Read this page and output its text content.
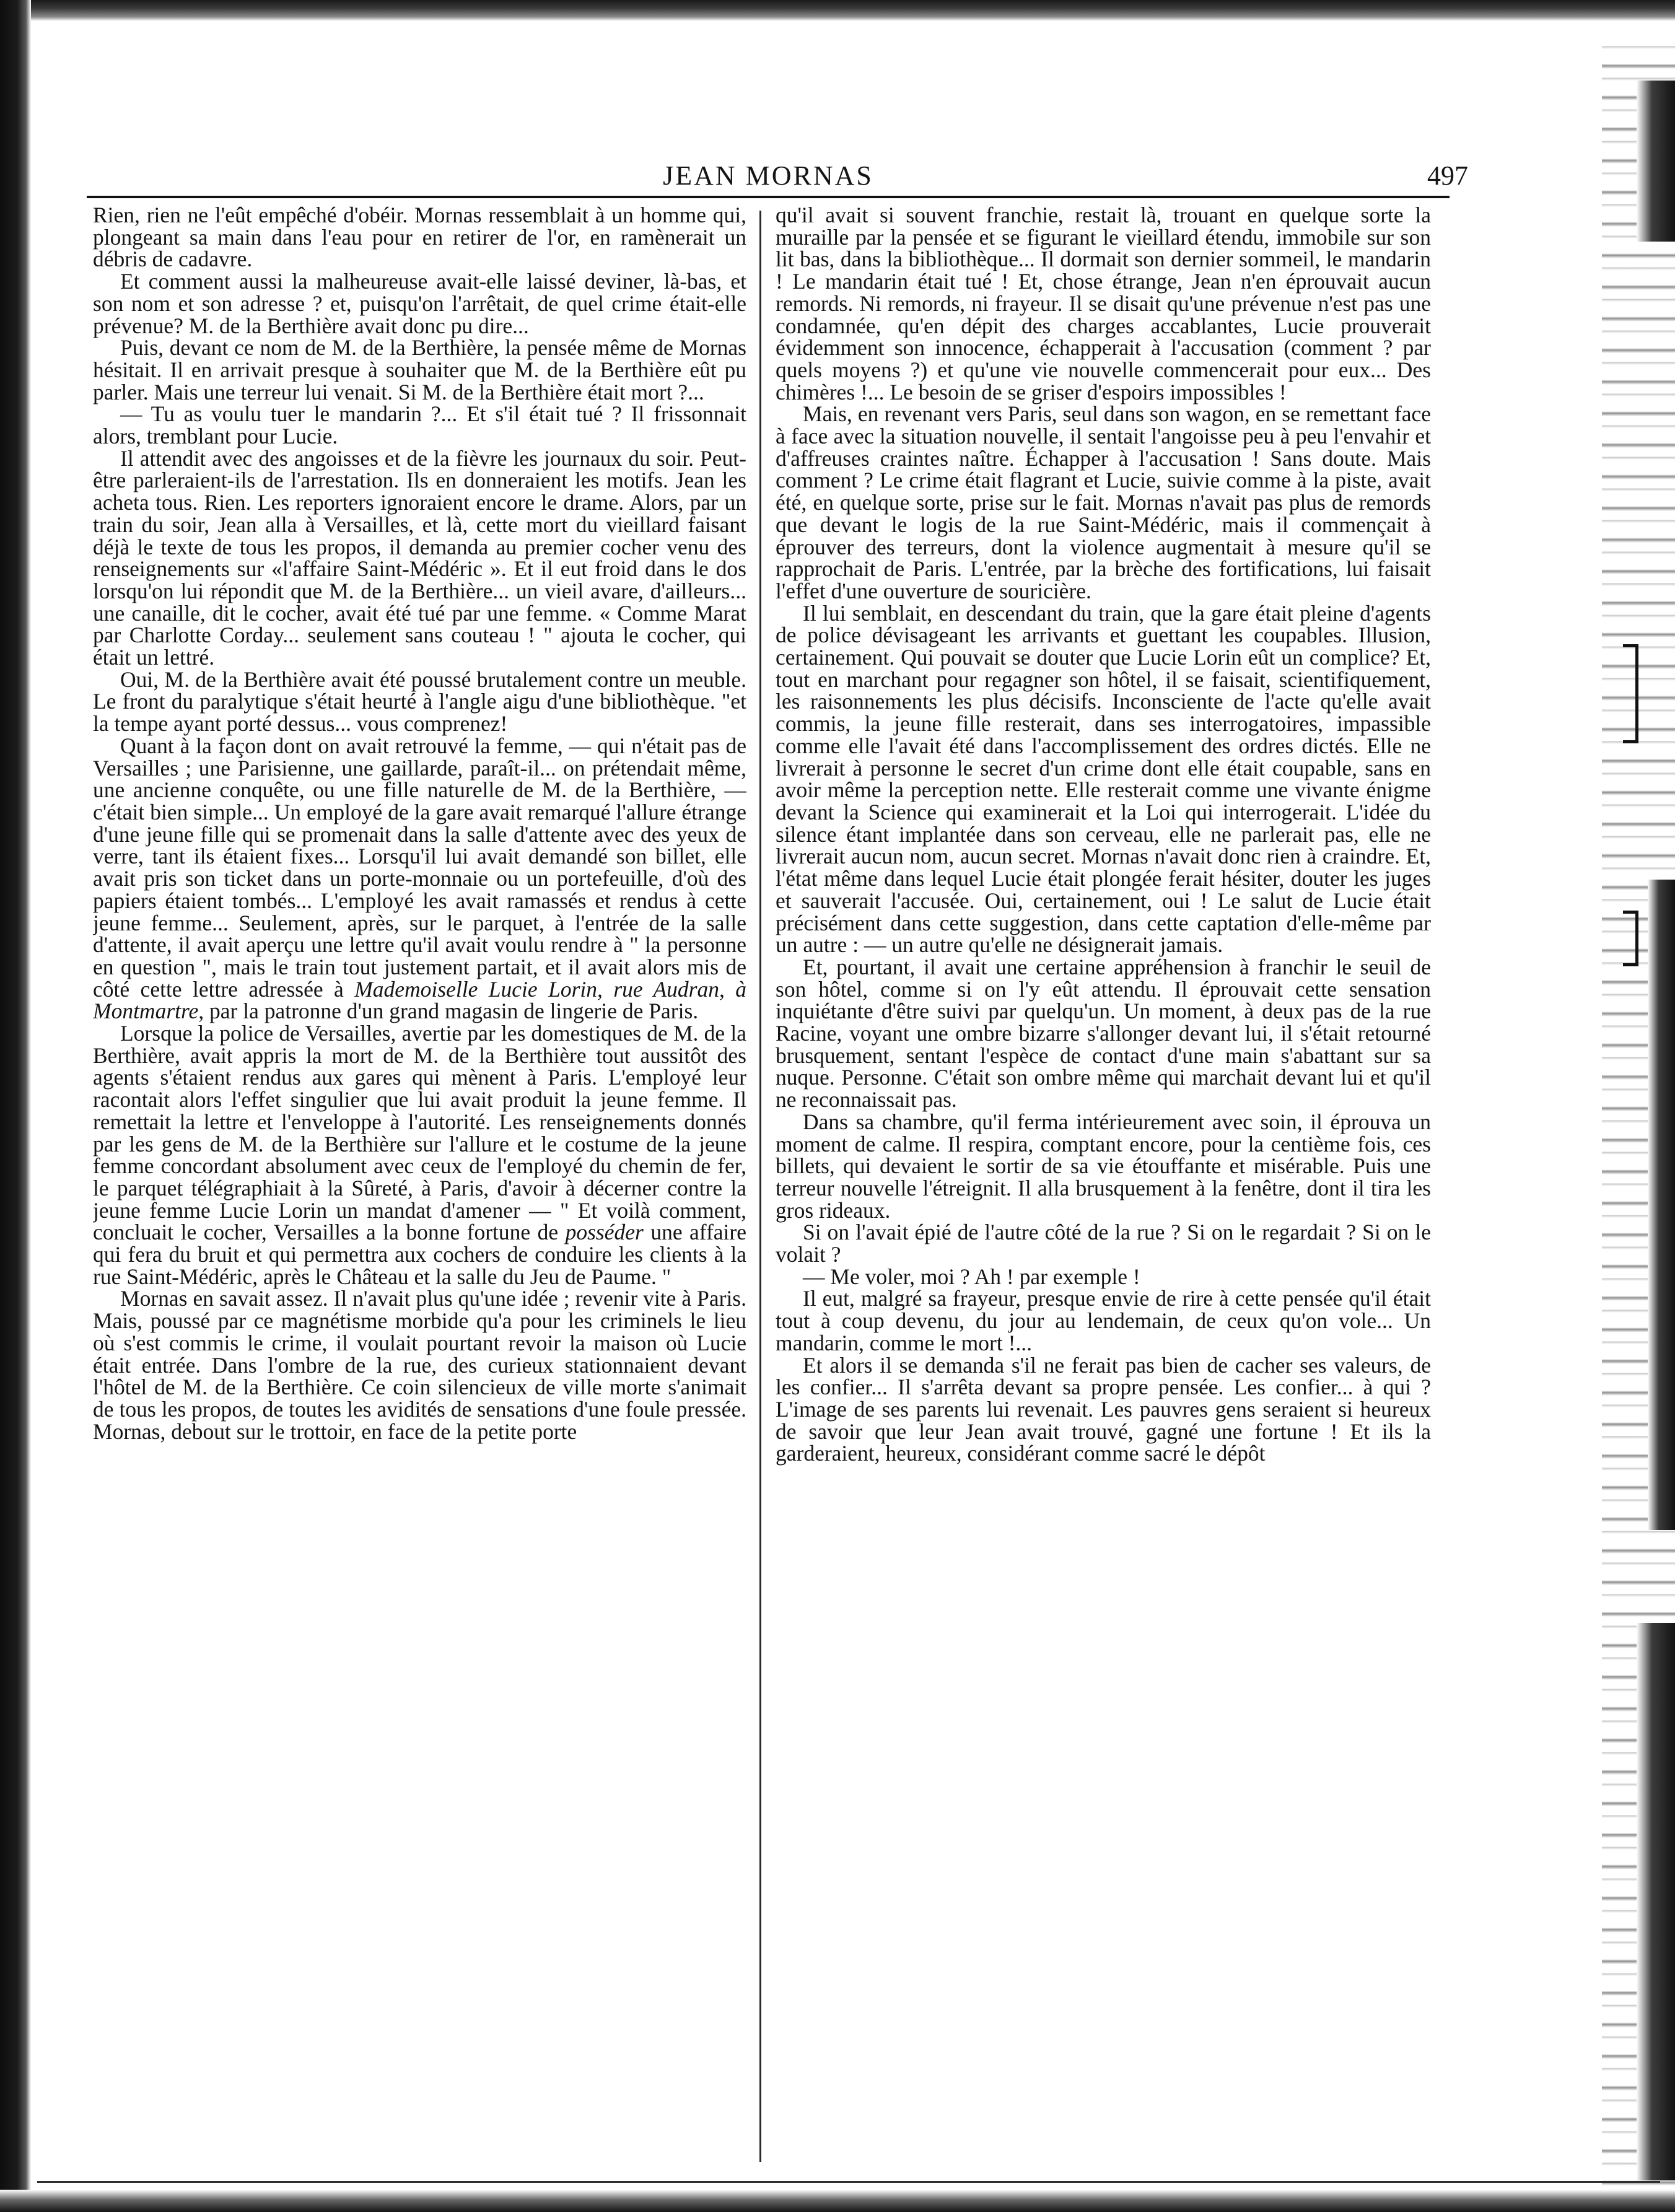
JEAN MORNAS	497

Rien, rien ne l'eût empêché d'obéir. Mornas ressemblait à un homme qui, plongeant sa main dans l'eau pour en retirer de l'or, en ramènerait un débris de cadavre.

Et comment aussi la malheureuse avait-elle laissé deviner, là-bas, et son nom et son adresse ? et, puisqu'on l'arrêtait, de quel crime était-elle prévenue? M. de la Berthière avait donc pu dire...

Puis, devant ce nom de M. de la Berthière, la pensée même de Mornas hésitait. Il en arrivait presque à souhaiter que M. de la Berthière eût pu parler. Mais une terreur lui venait. Si M. de la Berthière était mort ?...

— Tu as voulu tuer le mandarin ?... Et s'il était tué ? Il frissonnait alors, tremblant pour Lucie.

Il attendit avec des angoisses et de la fièvre les journaux du soir. Peut-être parleraient-ils de l'arrestation. Ils en donneraient les motifs. Jean les acheta tous. Rien. Les reporters ignoraient encore le drame. Alors, par un train du soir, Jean alla à Versailles, et là, cette mort du vieillard faisant déjà le texte de tous les propos, il demanda au premier cocher venu des renseignements sur «l'affaire Saint-Médéric ». Et il eut froid dans le dos lorsqu'on lui répondit que M. de la Berthière... un vieil avare, d'ailleurs... une canaille, dit le cocher, avait été tué par une femme. « Comme Marat par Charlotte Corday... seulement sans couteau ! " ajouta le cocher, qui était un lettré.

Oui, M. de la Berthière avait été poussé brutalement contre un meuble. Le front du paralytique s'était heurté à l'angle aigu d'une bibliothèque. "et la tempe ayant porté dessus... vous comprenez!

Quant à la façon dont on avait retrouvé la femme, — qui n'était pas de Versailles ; une Parisienne, une gaillarde, paraît-il... on prétendait même, une ancienne conquête, ou une fille naturelle de M. de la Berthière, — c'était bien simple... Un employé de la gare avait remarqué l'allure étrange d'une jeune fille qui se promenait dans la salle d'attente avec des yeux de verre, tant ils étaient fixes... Lorsqu'il lui avait demandé son billet, elle avait pris son ticket dans un porte-monnaie ou un portefeuille, d'où des papiers étaient tombés... L'employé les avait ramassés et rendus à cette jeune femme... Seulement, après, sur le parquet, à l'entrée de la salle d'attente, il avait aperçu une lettre qu'il avait voulu rendre à " la personne en question ", mais le train tout justement partait, et il avait alors mis de côté cette lettre adressée à Mademoiselle Lucie Lorin, rue Audran, à Montmartre, par la patronne d'un grand magasin de lingerie de Paris.

Lorsque la police de Versailles, avertie par les domestiques de M. de la Berthière, avait appris la mort de M. de la Berthière tout aussitôt des agents s'étaient rendus aux gares qui mènent à Paris. L'employé leur racontait alors l'effet singulier que lui avait produit la jeune femme. Il remettait la lettre et l'enveloppe à l'autorité. Les renseignements donnés par les gens de M. de la Berthière sur l'allure et le costume de la jeune femme concordant absolument avec ceux de l'employé du chemin de fer, le parquet télégraphiait à la Sûreté, à Paris, d'avoir à décerner contre la jeune femme Lucie Lorin un mandat d'amener — " Et voilà comment, concluait le cocher, Versailles a la bonne fortune de posséder une affaire qui fera du bruit et qui permettra aux cochers de conduire les clients à la rue Saint-Médéric, après le Château et la salle du Jeu de Paume. "

Mornas en savait assez. Il n'avait plus qu'une idée ; revenir vite à Paris. Mais, poussé par ce magnétisme morbide qu'a pour les criminels le lieu où s'est commis le crime, il voulait pourtant revoir la maison où Lucie était entrée. Dans l'ombre de la rue, des curieux stationnaient devant l'hôtel de M. de la Berthière. Ce coin silencieux de ville morte s'animait de tous les propos, de toutes les avidités de sensations d'une foule pressée. Mornas, debout sur le trottoir, en face de la petite porte

qu'il avait si souvent franchie, restait là, trouant en quelque sorte la muraille par la pensée et se figurant le vieillard étendu, immobile sur son lit bas, dans la bibliothèque... Il dormait son dernier sommeil, le mandarin ! Le mandarin était tué ! Et, chose étrange, Jean n'en éprouvait aucun remords. Ni remords, ni frayeur. Il se disait qu'une prévenue n'est pas une condamnée, qu'en dépit des charges accablantes, Lucie prouverait évidemment son innocence, échapperait à l'accusation (comment ? par quels moyens ?) et qu'une vie nouvelle commencerait pour eux... Des chimères !... Le besoin de se griser d'espoirs impossibles !

Mais, en revenant vers Paris, seul dans son wagon, en se remettant face à face avec la situation nouvelle, il sentait l'angoisse peu à peu l'envahir et d'affreuses craintes naître. Échapper à l'accusation ! Sans doute. Mais comment ? Le crime était flagrant et Lucie, suivie comme à la piste, avait été, en quelque sorte, prise sur le fait. Mornas n'avait pas plus de remords que devant le logis de la rue Saint-Médéric, mais il commençait à éprouver des terreurs, dont la violence augmentait à mesure qu'il se rapprochait de Paris. L'entrée, par la brèche des fortifications, lui faisait l'effet d'une ouverture de souricière.

Il lui semblait, en descendant du train, que la gare était pleine d'agents de police dévisageant les arrivants et guettant les coupables. Illusion, certainement. Qui pouvait se douter que Lucie Lorin eût un complice? Et, tout en marchant pour regagner son hôtel, il se faisait, scientifiquement, les raisonnements les plus décisifs. Inconsciente de l'acte qu'elle avait commis, la jeune fille resterait, dans ses interrogatoires, impassible comme elle l'avait été dans l'accomplissement des ordres dictés. Elle ne livrerait à personne le secret d'un crime dont elle était coupable, sans en avoir même la perception nette. Elle resterait comme une vivante énigme devant la Science qui examinerait et la Loi qui interrogerait. L'idée du silence étant implantée dans son cerveau, elle ne parlerait pas, elle ne livrerait aucun nom, aucun secret. Mornas n'avait donc rien à craindre. Et, l'état même dans lequel Lucie était plongée ferait hésiter, douter les juges et sauverait l'accusée. Oui, certainement, oui ! Le salut de Lucie était précisément dans cette suggestion, dans cette captation d'elle-même par un autre : — un autre qu'elle ne désignerait jamais.

Et, pourtant, il avait une certaine appréhension à franchir le seuil de son hôtel, comme si on l'y eût attendu. Il éprouvait cette sensation inquiétante d'être suivi par quelqu'un. Un moment, à deux pas de la rue Racine, voyant une ombre bizarre s'allonger devant lui, il s'était retourné brusquement, sentant l'espèce de contact d'une main s'abattant sur sa nuque. Personne. C'était son ombre même qui marchait devant lui et qu'il ne reconnaissait pas.

Dans sa chambre, qu'il ferma intérieurement avec soin, il éprouva un moment de calme. Il respira, comptant encore, pour la centième fois, ces billets, qui devaient le sortir de sa vie étouffante et misérable. Puis une terreur nouvelle l'étreignit. Il alla brusquement à la fenêtre, dont il tira les gros rideaux.

Si on l'avait épié de l'autre côté de la rue ? Si on le regardait ? Si on le volait ?

— Me voler, moi ? Ah ! par exemple !

Il eut, malgré sa frayeur, presque envie de rire à cette pensée qu'il était tout à coup devenu, du jour au lendemain, de ceux qu'on vole... Un mandarin, comme le mort !...

Et alors il se demanda s'il ne ferait pas bien de cacher ses valeurs, de les confier... Il s'arrêta devant sa propre pensée. Les confier... à qui ? L'image de ses parents lui revenait. Les pauvres gens seraient si heureux de savoir que leur Jean avait trouvé, gagné une fortune ! Et ils la garderaient, heureux, considérant comme sacré le dépôt
